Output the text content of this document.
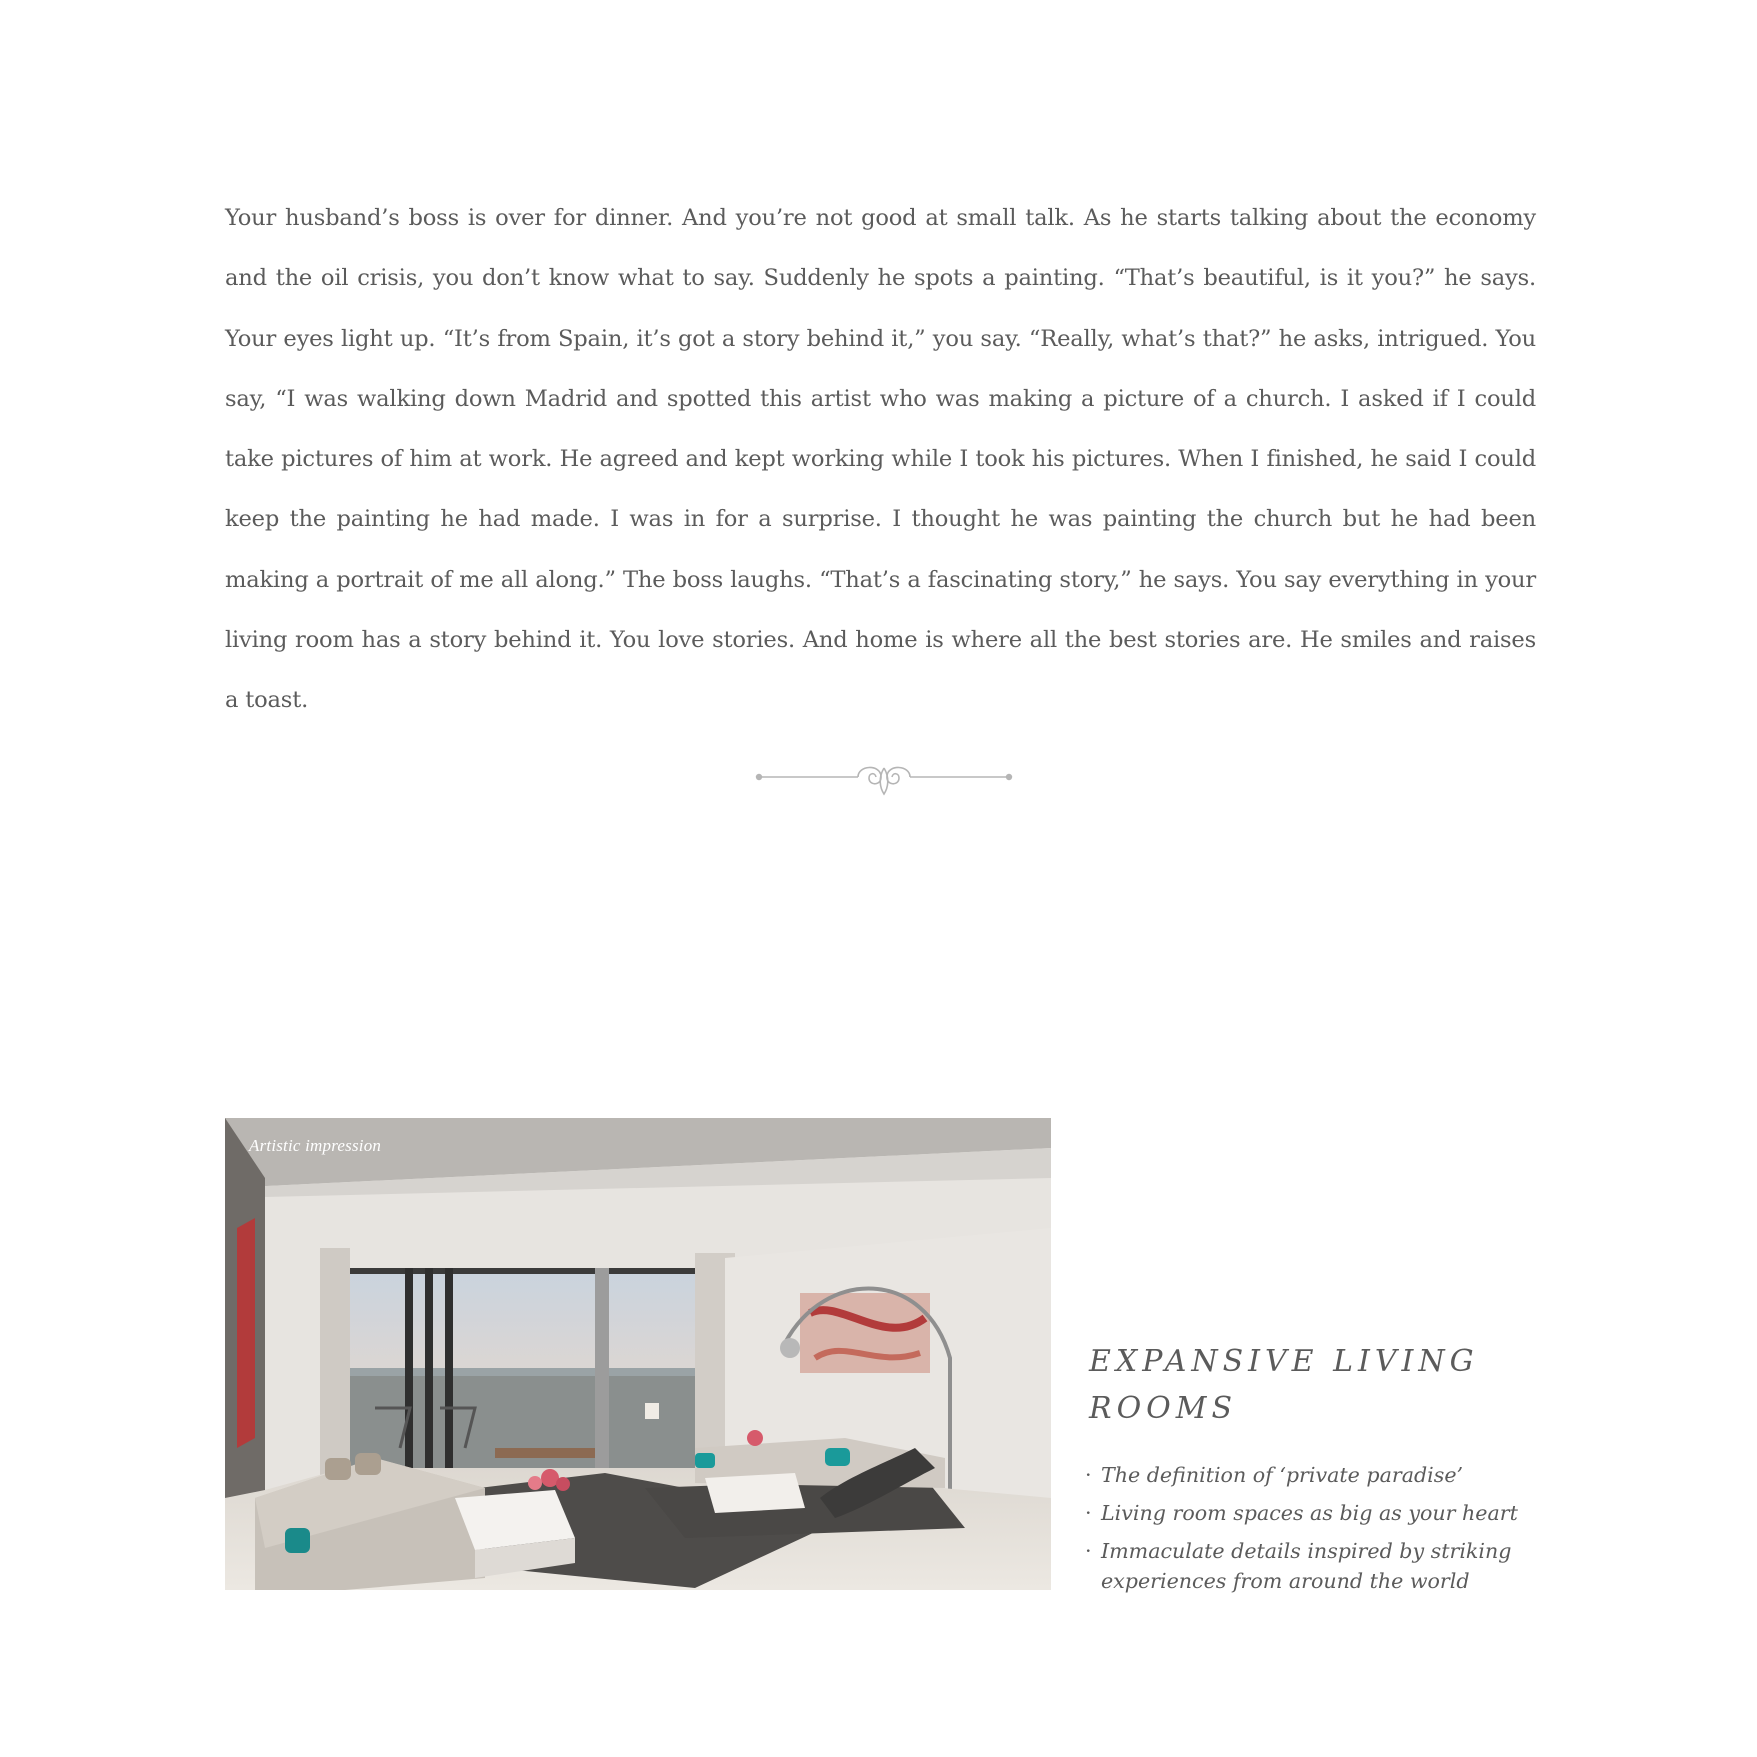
Your husband’s boss is over for dinner. And you’re not good at small talk. As he starts talking about the economy and the oil crisis, you don’t know what to say. Suddenly he spots a painting. “That’s beautiful, is it you?” he says. Your eyes light up. “It’s from Spain, it’s got a story behind it,” you say. “Really, what’s that?” he asks, intrigued. You say, “I was walking down Madrid and spotted this artist who was making a picture of a church. I asked if I could take pictures of him at work. He agreed and kept working while I took his pictures. When I finished, he said I could keep the painting he had made. I was in for a surprise. I thought he was painting the church but he had been making a portrait of me all along.” The boss laughs. “That’s a fascinating story,” he says. You say everything in your living room has a story behind it. You love stories. And home is where all the best stories are. He smiles and raises a toast.

Artistic impression
EXPANSIVE LIVING ROOMS
· The definition of ‘private paradise’
· Living room spaces as big as your heart
· Immaculate details inspired by striking experiences from around the world
